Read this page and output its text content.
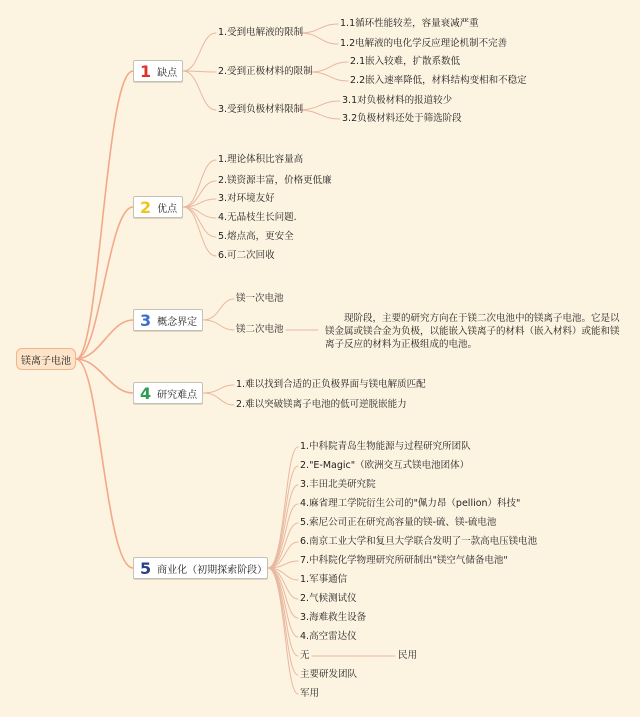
镁离子电池
1 缺点
1.受到电解液的限制
1.1循环性能较差，容量衰减严重
1.2电解液的电化学反应理论机制不完善
2.受到正极材料的限制
2.1嵌入较难，扩散系数低
2.2嵌入速率降低，材料结构变相和不稳定
3.受到负极材料限制
3.1对负极材料的报道较少
3.2负极材料还处于筛选阶段
2 优点
1.理论体积比容量高
2.镁资源丰富，价格更低廉
3.对环境友好
4.无晶枝生长问题.
5.熔点高，更安全
6.可二次回收
3 概念界定
镁一次电池
镁二次电池
现阶段，主要的研究方向在于镁二次电池中的镁离子电池。它是以镁金属或镁合金为负极，以能嵌入镁离子的材料（嵌入材料）或能和镁离子反应的材料为正极组成的电池。
4 研究难点
1.难以找到合适的正负极界面与镁电解质匹配
2.难以突破镁离子电池的低可逆脱嵌能力
5 商业化（初期探索阶段）
1.中科院青岛生物能源与过程研究所团队
2."E-Magic"（欧洲交互式镁电池团体）
3.丰田北美研究院
4.麻省理工学院衍生公司的"佩力昂（pellion）科技"
5.索尼公司正在研究高容量的镁-硫、镁-硫电池
6.南京工业大学和复旦大学联合发明了一款高电压镁电池
7.中科院化学物理研究所研制出"镁空气储备电池"
1.军事通信
2.气候测试仪
3.海难救生设备
4.高空雷达仪
无	民用
主要研发团队
军用
